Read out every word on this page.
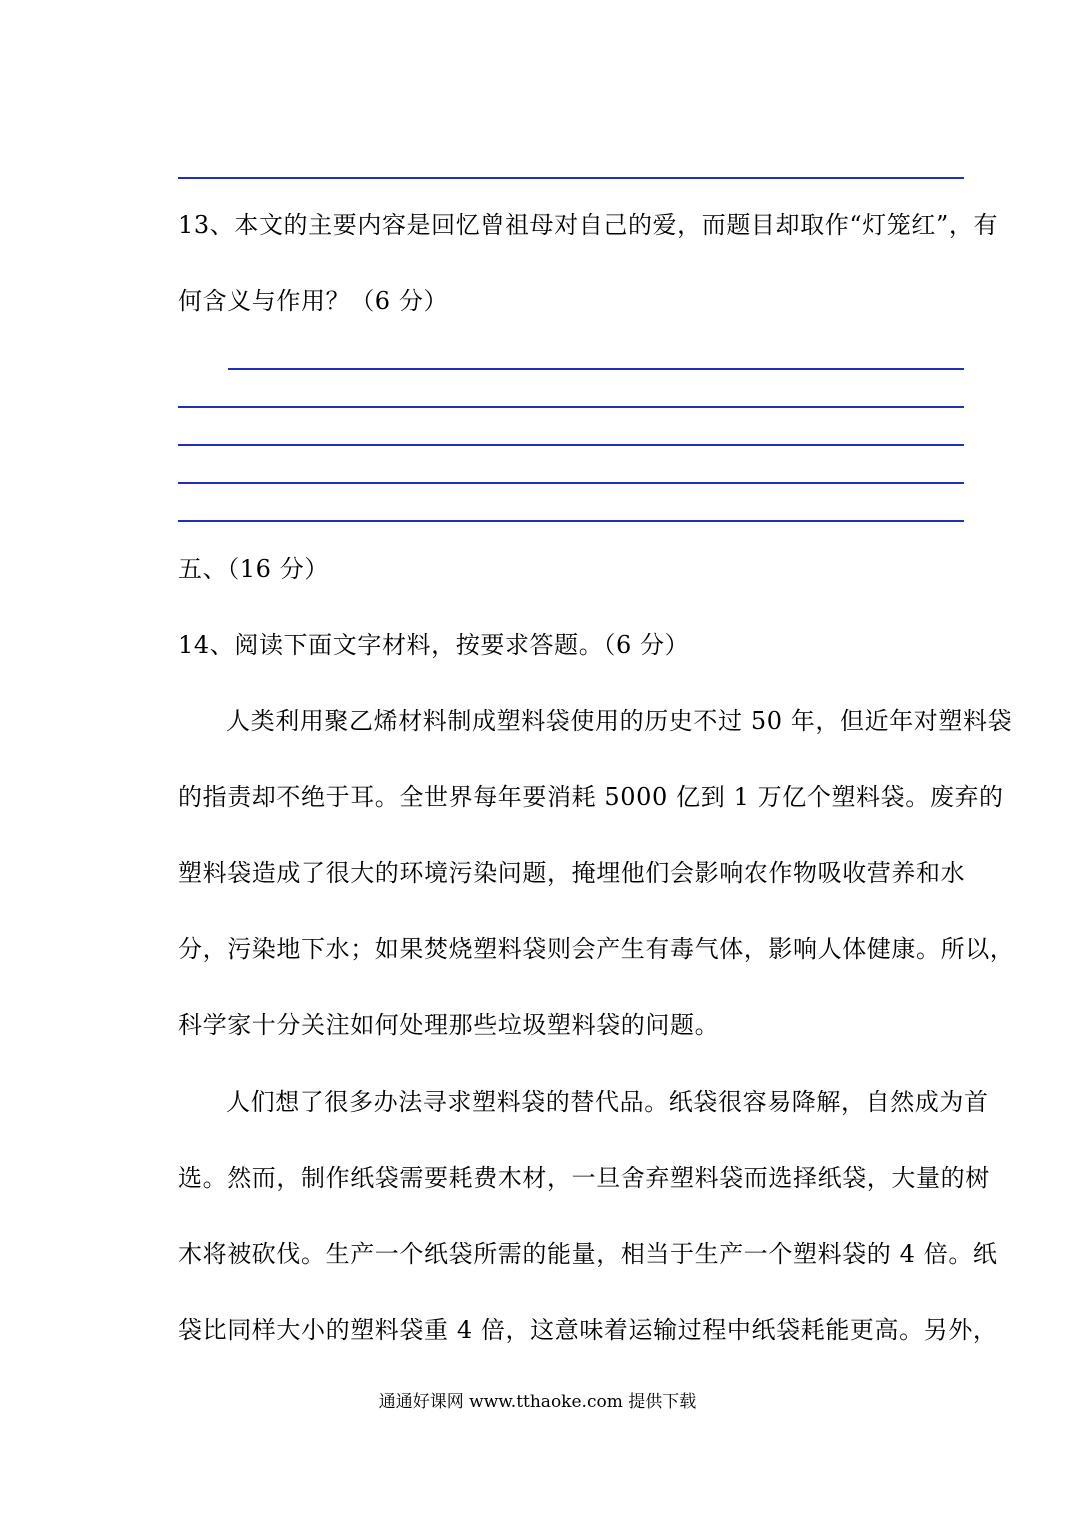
13、本文的主要内容是回忆曾祖母对自己的爱，而题目却取作“灯笼红”，有
何含义与作用？（6 分）
五、（16 分）
14、阅读下面文字材料，按要求答题。（6 分）
人类利用聚乙烯材料制成塑料袋使用的历史不过 50 年，但近年对塑料袋
的指责却不绝于耳。全世界每年要消耗 5000 亿到 1 万亿个塑料袋。废弃的
塑料袋造成了很大的环境污染问题，掩埋他们会影响农作物吸收营养和水
分，污染地下水；如果焚烧塑料袋则会产生有毒气体，影响人体健康。所以，
科学家十分关注如何处理那些垃圾塑料袋的问题。
人们想了很多办法寻求塑料袋的替代品。纸袋很容易降解，自然成为首
选。然而，制作纸袋需要耗费木材，一旦舍弃塑料袋而选择纸袋，大量的树
木将被砍伐。生产一个纸袋所需的能量，相当于生产一个塑料袋的 4 倍。纸
袋比同样大小的塑料袋重 4 倍，这意味着运输过程中纸袋耗能更高。另外，
通通好课网 www.tthaoke.com 提供下载
